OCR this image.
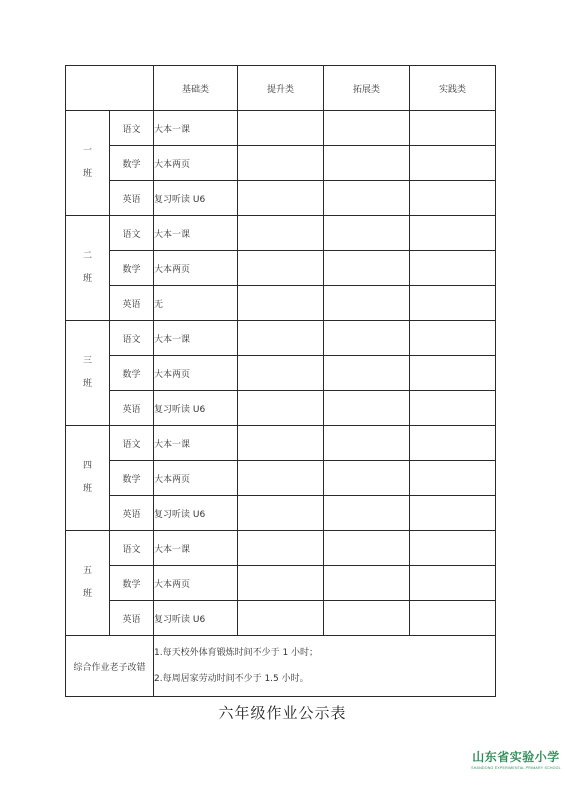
		基础类	提升类	拓展类	实践类
一
班	语文	大本一课			
	数学	大本两页			
	英语	复习听读 U6			
二
班	语文	大本一课			
	数学	大本两页			
	英语	无			
三
班	语文	大本一课			
	数学	大本两页			
	英语	复习听读 U6			
四
班	语文	大本一课			
	数学	大本两页			
	英语	复习听读 U6			
五
班	语文	大本一课			
	数学	大本两页			
	英语	复习听读 U6			
综合作业老子改错		1.每天校外体育锻炼时间不少于 1 小时；
2.每周居家劳动时间不少于 1.5 小时。			
六年级作业公示表
山东省实验小学
SHANDONG EXPERIMENTAL PRIMARY SCHOOL
